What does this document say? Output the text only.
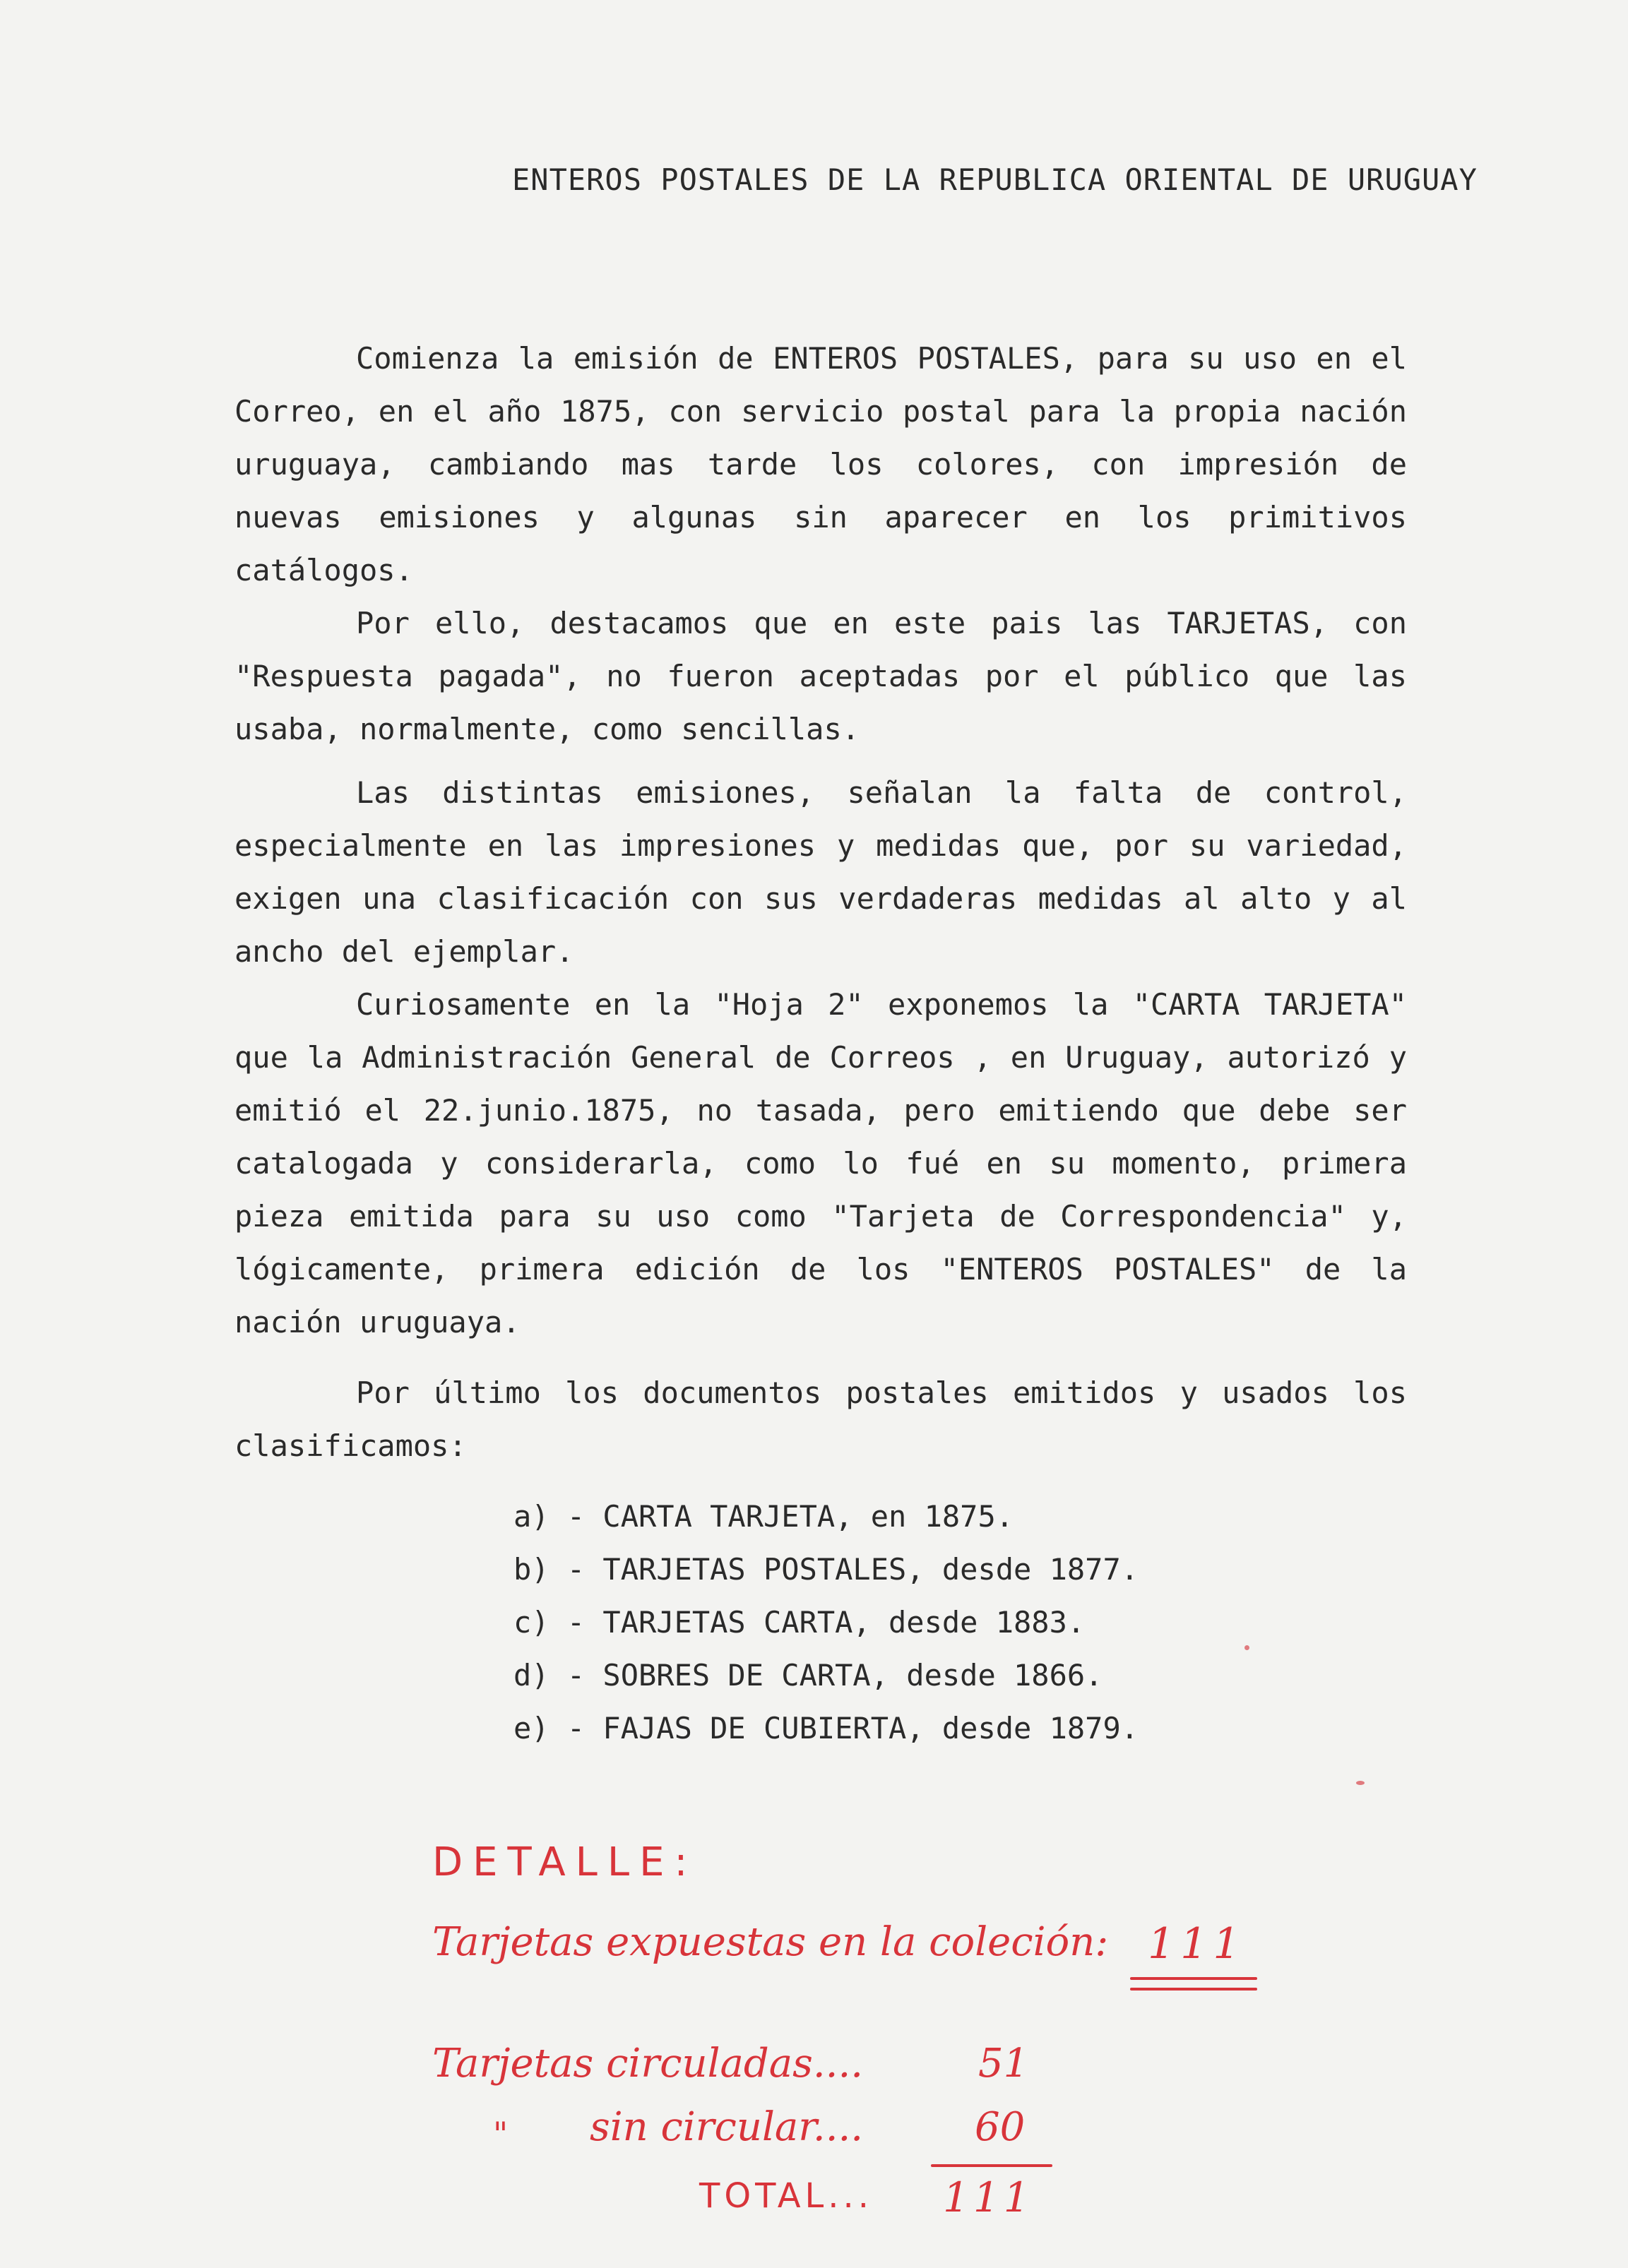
ENTEROS POSTALES DE LA REPUBLICA ORIENTAL DE URUGUAY

Comienza la emisión de ENTEROS POSTALES, para su uso en el Correo, en el año 1875, con servicio postal para la propia nación uruguaya, cambiando mas tarde los colores, con impresión de nuevas emisiones y algunas sin aparecer en los primitivos catálogos.

Por ello, destacamos que en este pais las TARJETAS, con "Respuesta pagada", no fueron aceptadas por el público que las usaba, normalmente, como sencillas.

Las distintas emisiones, señalan la falta de control, especialmente en las impresiones y medidas que, por su variedad, exigen una clasificación con sus verdaderas medidas al alto y al ancho del ejemplar.

Curiosamente en la "Hoja 2" exponemos la "CARTA TARJETA" que la Administración General de Correos , en Uruguay, autorizó y emitió el 22.junio.1875, no tasada, pero emitiendo que debe ser catalogada y considerarla, como lo fué en su momento, primera pieza emitida para su uso como "Tarjeta de Correspondencia" y, lógicamente, primera edición de los "ENTEROS POSTALES" de la nación uruguaya.

Por último los documentos postales emitidos y usados los clasificamos:

a) - CARTA TARJETA, en 1875.
b) - TARJETAS POSTALES, desde 1877.
c) - TARJETAS CARTA, desde 1883.
d) - SOBRES DE CARTA, desde 1866.
e) - FAJAS DE CUBIERTA, desde 1879.
DETALLE:
Tarjetas expuestas en la coleción: 111
Tarjetas circuladas....	51
" sin circular....	60
TOTAL... 111
